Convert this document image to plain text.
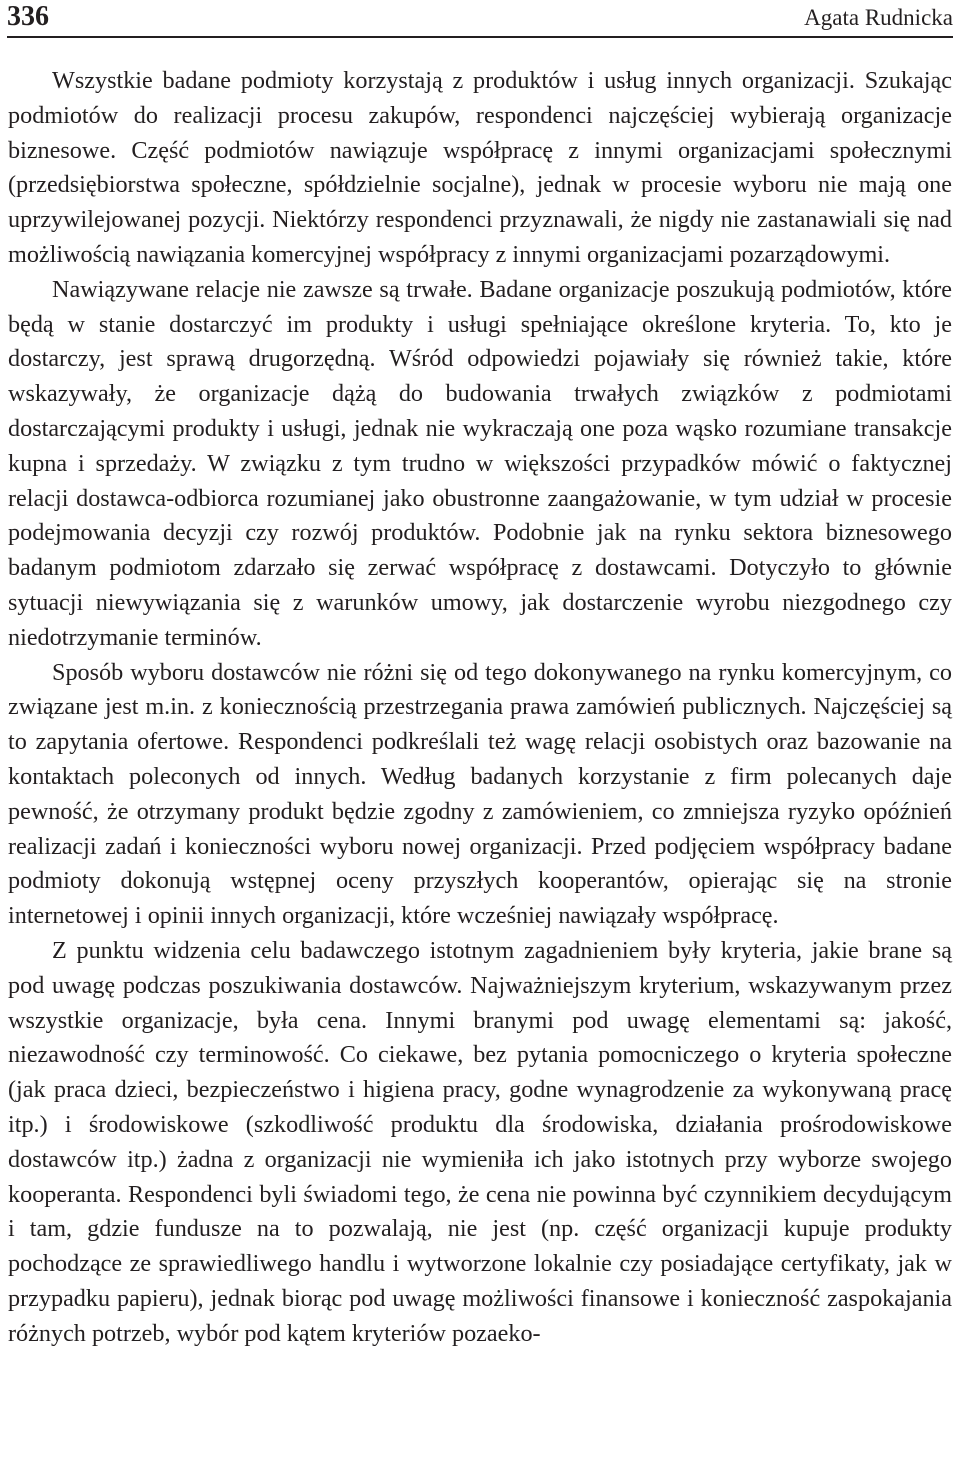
336	Agata Rudnicka

Wszystkie badane podmioty korzystają z produktów i usług innych organizacji. Szukając podmiotów do realizacji procesu zakupów, respondenci najczęściej wybierają organizacje biznesowe. Część podmiotów nawiązuje współpracę z innymi organizacjami społecznymi (przedsiębiorstwa społeczne, spółdzielnie socjalne), jednak w procesie wyboru nie mają one uprzywilejowanej pozycji. Niektórzy respondenci przyznawali, że nigdy nie zastanawiali się nad możliwością nawiązania komercyjnej współpracy z innymi organizacjami pozarządowymi.

Nawiązywane relacje nie zawsze są trwałe. Badane organizacje poszukują podmiotów, które będą w stanie dostarczyć im produkty i usługi spełniające określone kryteria. To, kto je dostarczy, jest sprawą drugorzędną. Wśród odpowiedzi pojawiały się również takie, które wskazywały, że organizacje dążą do budowania trwałych związków z podmiotami dostarczającymi produkty i usługi, jednak nie wykraczają one poza wąsko rozumiane transakcje kupna i sprzedaży. W związku z tym trudno w większości przypadków mówić o faktycznej relacji dostawca-odbiorca rozumianej jako obustronne zaangażowanie, w tym udział w procesie podejmowania decyzji czy rozwój produktów. Podobnie jak na rynku sektora biznesowego badanym podmiotom zdarzało się zerwać współpracę z dostawcami. Dotyczyło to głównie sytuacji niewywiązania się z warunków umowy, jak dostarczenie wyrobu niezgodnego czy niedotrzymanie terminów.

Sposób wyboru dostawców nie różni się od tego dokonywanego na rynku komercyjnym, co związane jest m.in. z koniecznością przestrzegania prawa zamówień publicznych. Najczęściej są to zapytania ofertowe. Respondenci podkreślali też wagę relacji osobistych oraz bazowanie na kontaktach poleconych od innych. Według badanych korzystanie z firm polecanych daje pewność, że otrzymany produkt będzie zgodny z zamówieniem, co zmniejsza ryzyko opóźnień realizacji zadań i konieczności wyboru nowej organizacji. Przed podjęciem współpracy badane podmioty dokonują wstępnej oceny przyszłych kooperantów, opierając się na stronie internetowej i opinii innych organizacji, które wcześniej nawiązały współpracę.

Z punktu widzenia celu badawczego istotnym zagadnieniem były kryteria, jakie brane są pod uwagę podczas poszukiwania dostawców. Najważniejszym kryterium, wskazywanym przez wszystkie organizacje, była cena. Innymi branymi pod uwagę elementami są: jakość, niezawodność czy terminowość. Co ciekawe, bez pytania pomocniczego o kryteria społeczne (jak praca dzieci, bezpieczeństwo i higiena pracy, godne wynagrodzenie za wykonywaną pracę itp.) i środowiskowe (szkodliwość produktu dla środowiska, działania prośrodowiskowe dostawców itp.) żadna z organizacji nie wymieniła ich jako istotnych przy wyborze swojego kooperanta. Respondenci byli świadomi tego, że cena nie powinna być czynnikiem decydującym i tam, gdzie fundusze na to pozwalają, nie jest (np. część organizacji kupuje produkty pochodzące ze sprawiedliwego handlu i wytworzone lokalnie czy posiadające certyfikaty, jak w przypadku papieru), jednak biorąc pod uwagę możliwości finansowe i konieczność zaspokajania różnych potrzeb, wybór pod kątem kryteriów pozaeko-
